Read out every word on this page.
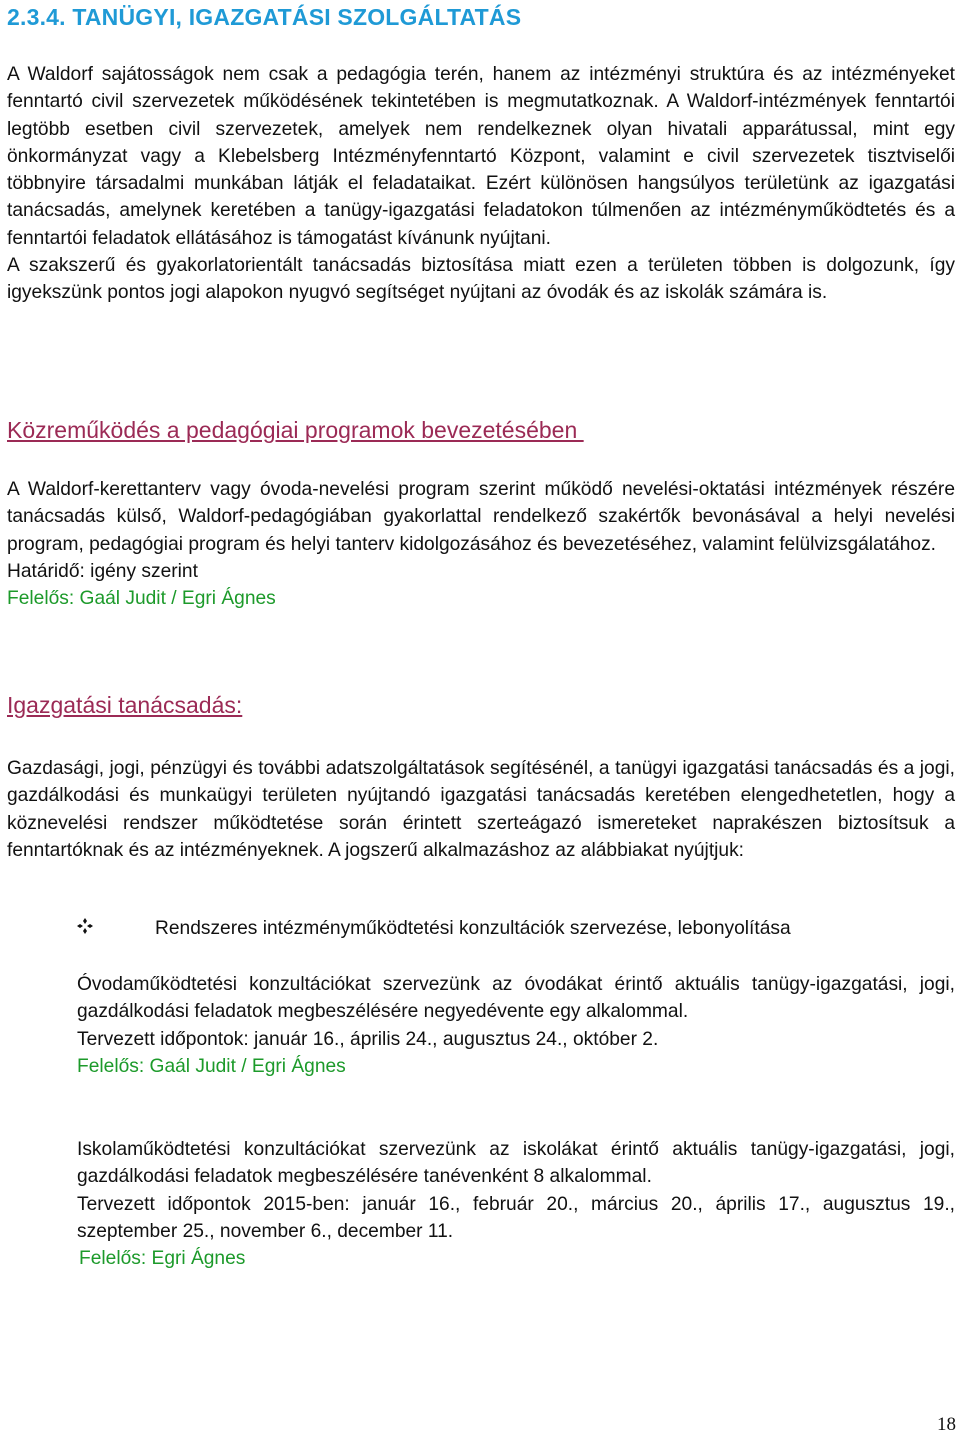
2.3.4. TANÜGYI, IGAZGATÁSI SZOLGÁLTATÁS

A Waldorf sajátosságok nem csak a pedagógia terén, hanem az intézményi struktúra és az intézményeket fenntartó civil szervezetek működésének tekintetében is megmutatkoznak. A Waldorf-intézmények fenntartói legtöbb esetben civil szervezetek, amelyek nem rendelkeznek olyan hivatali apparátussal, mint egy önkormányzat vagy a Klebelsberg Intézményfenntartó Központ, valamint e civil szervezetek tisztviselői többnyire társadalmi munkában látják el feladataikat. Ezért különösen hangsúlyos területünk az igazgatási tanácsadás, amelynek keretében a tanügy-igazgatási feladatokon túlmenően az intézményműködtetés és a fenntartói feladatok ellátásához is támogatást kívánunk nyújtani.

A szakszerű és gyakorlatorientált tanácsadás biztosítása miatt ezen a területen többen is dolgozunk, így igyekszünk pontos jogi alapokon nyugvó segítséget nyújtani az óvodák és az iskolák számára is.

Közreműködés a pedagógiai programok bevezetésében

A Waldorf-kerettanterv vagy óvoda-nevelési program szerint működő nevelési-oktatási intézmények részére tanácsadás külső, Waldorf-pedagógiában gyakorlattal rendelkező szakértők bevonásával a helyi nevelési program, pedagógiai program és helyi tanterv kidolgozásához és bevezetéséhez, valamint felülvizsgálatához.

Határidő: igény szerint

Felelős: Gaál Judit / Egri Ágnes

Igazgatási tanácsadás:

Gazdasági, jogi, pénzügyi és további adatszolgáltatások segítésénél, a tanügyi igazgatási tanácsadás és a jogi, gazdálkodási és munkaügyi területen nyújtandó igazgatási tanácsadás keretében elengedhetetlen, hogy a köznevelési rendszer működtetése során érintett szerteágazó ismereteket naprakészen biztosítsuk a fenntartóknak és az intézményeknek. A jogszerű alkalmazáshoz az alábbiakat nyújtjuk:

Rendszeres intézményműködtetési konzultációk szervezése, lebonyolítása

Óvodaműködtetési konzultációkat szervezünk az óvodákat érintő aktuális tanügy-igazgatási, jogi, gazdálkodási feladatok megbeszélésére negyedévente egy alkalommal.

Tervezett időpontok: január 16., április 24., augusztus 24., október 2.

Felelős: Gaál Judit / Egri Ágnes

Iskolaműködtetési konzultációkat szervezünk az iskolákat érintő aktuális tanügy-igazgatási, jogi, gazdálkodási feladatok megbeszélésére tanévenként 8 alkalommal.

Tervezett időpontok 2015-ben: január 16., február 20., március 20., április 17., augusztus 19., szeptember 25., november 6., december 11.

Felelős: Egri Ágnes

18
